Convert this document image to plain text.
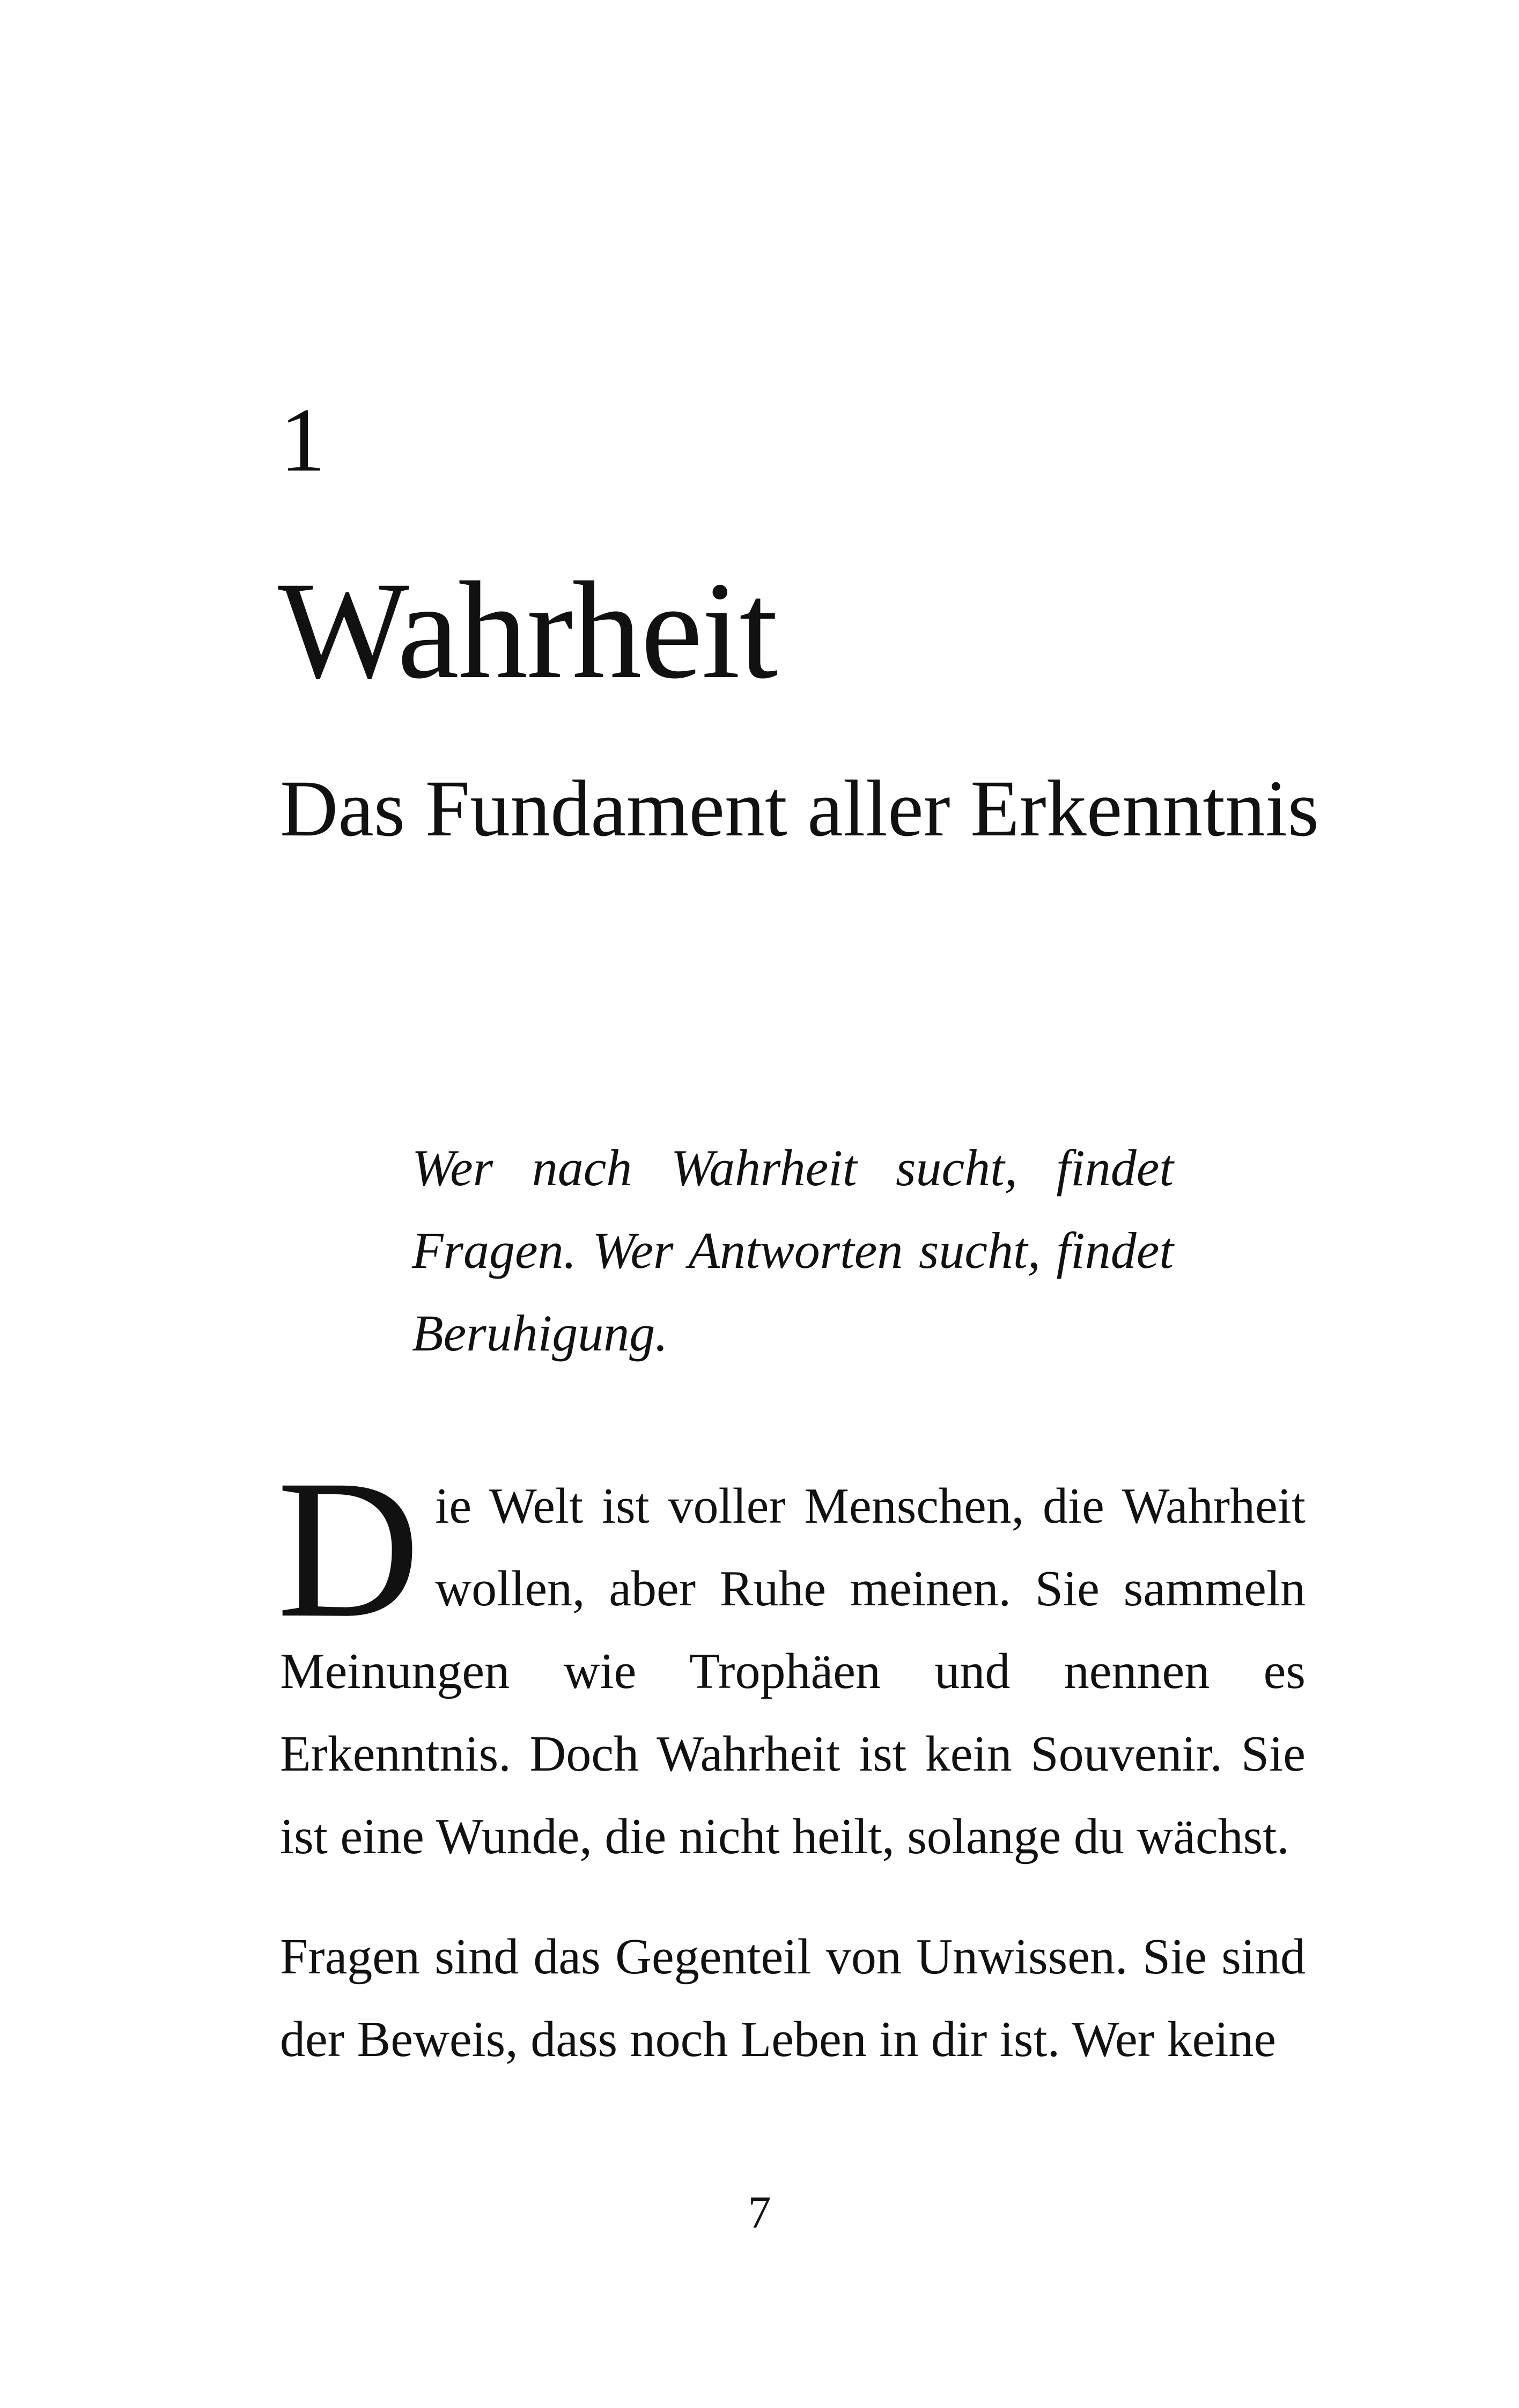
1
Wahrheit
Das Fundament aller Erkenntnis

Wer nach Wahrheit sucht, findet Fragen. Wer Antworten sucht, findet Beruhigung.

Die Welt ist voller Menschen, die Wahrheit wollen, aber Ruhe meinen. Sie sammeln Meinungen wie Trophäen und nennen es Erkenntnis. Doch Wahrheit ist kein Souvenir. Sie ist eine Wunde, die nicht heilt, solange du wächst.

Fragen sind das Gegenteil von Unwissen. Sie sind der Beweis, dass noch Leben in dir ist. Wer keine

7
